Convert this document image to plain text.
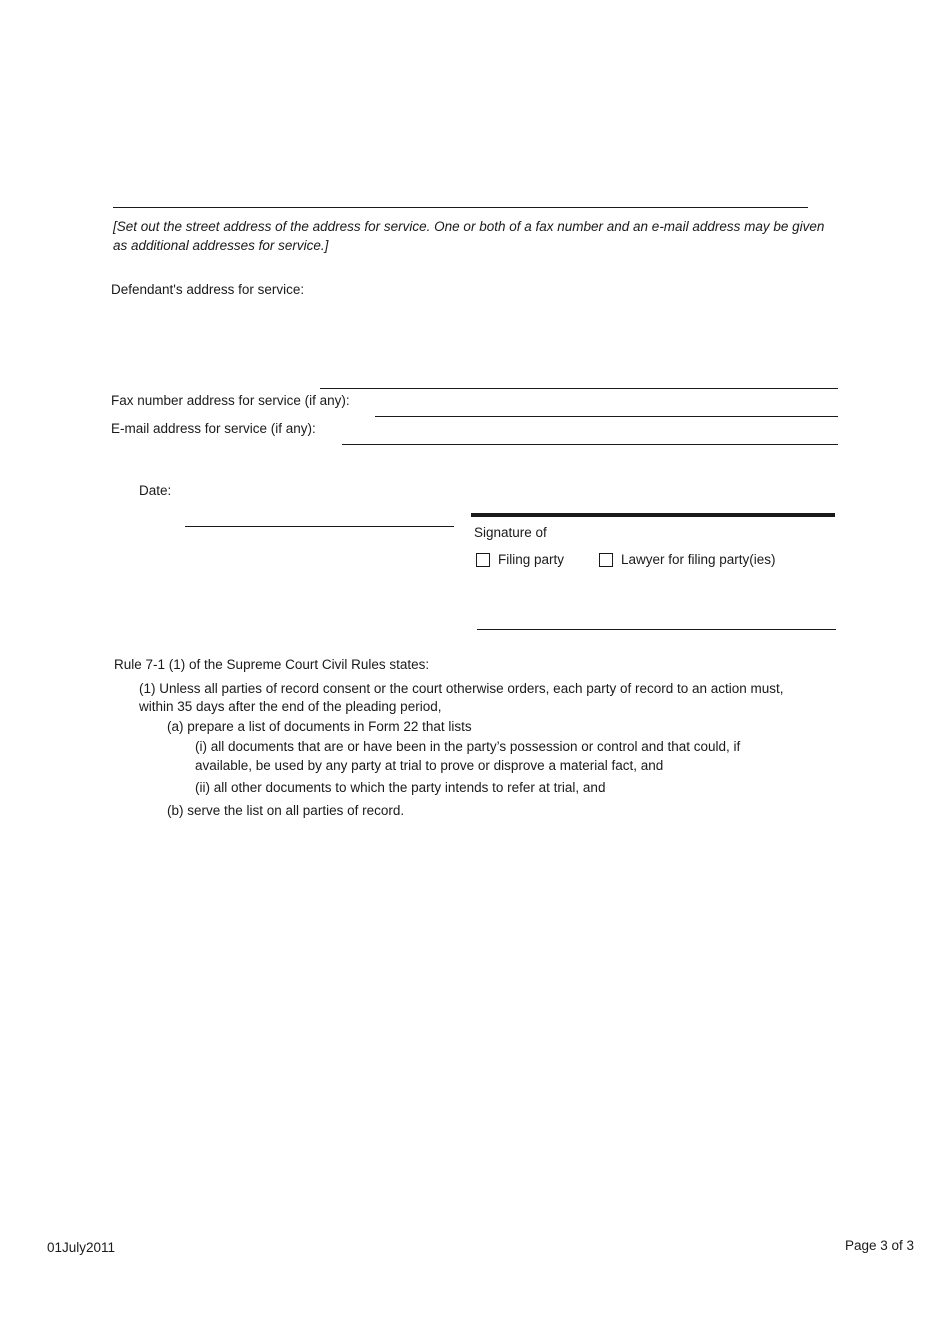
[Set out the street address of the address for service. One or both of a fax number and an e-mail address may be given
as additional addresses for service.]
Defendant's address for service:
Fax number address for service (if any):
E-mail address for service (if any):
Date:
Signature of
Filing party	Lawyer for filing party(ies)
Rule 7-1 (1) of the Supreme Court Civil Rules states:
(1) Unless all parties of record consent or the court otherwise orders, each party of record to an action must,
within 35 days after the end of the pleading period,
(a) prepare a list of documents in Form 22 that lists
(i) all documents that are or have been in the party’s possession or control and that could, if
available, be used by any party at trial to prove or disprove a material fact, and
(ii) all other documents to which the party intends to refer at trial, and
(b) serve the list on all parties of record.
01July2011	Page 3 of 3
